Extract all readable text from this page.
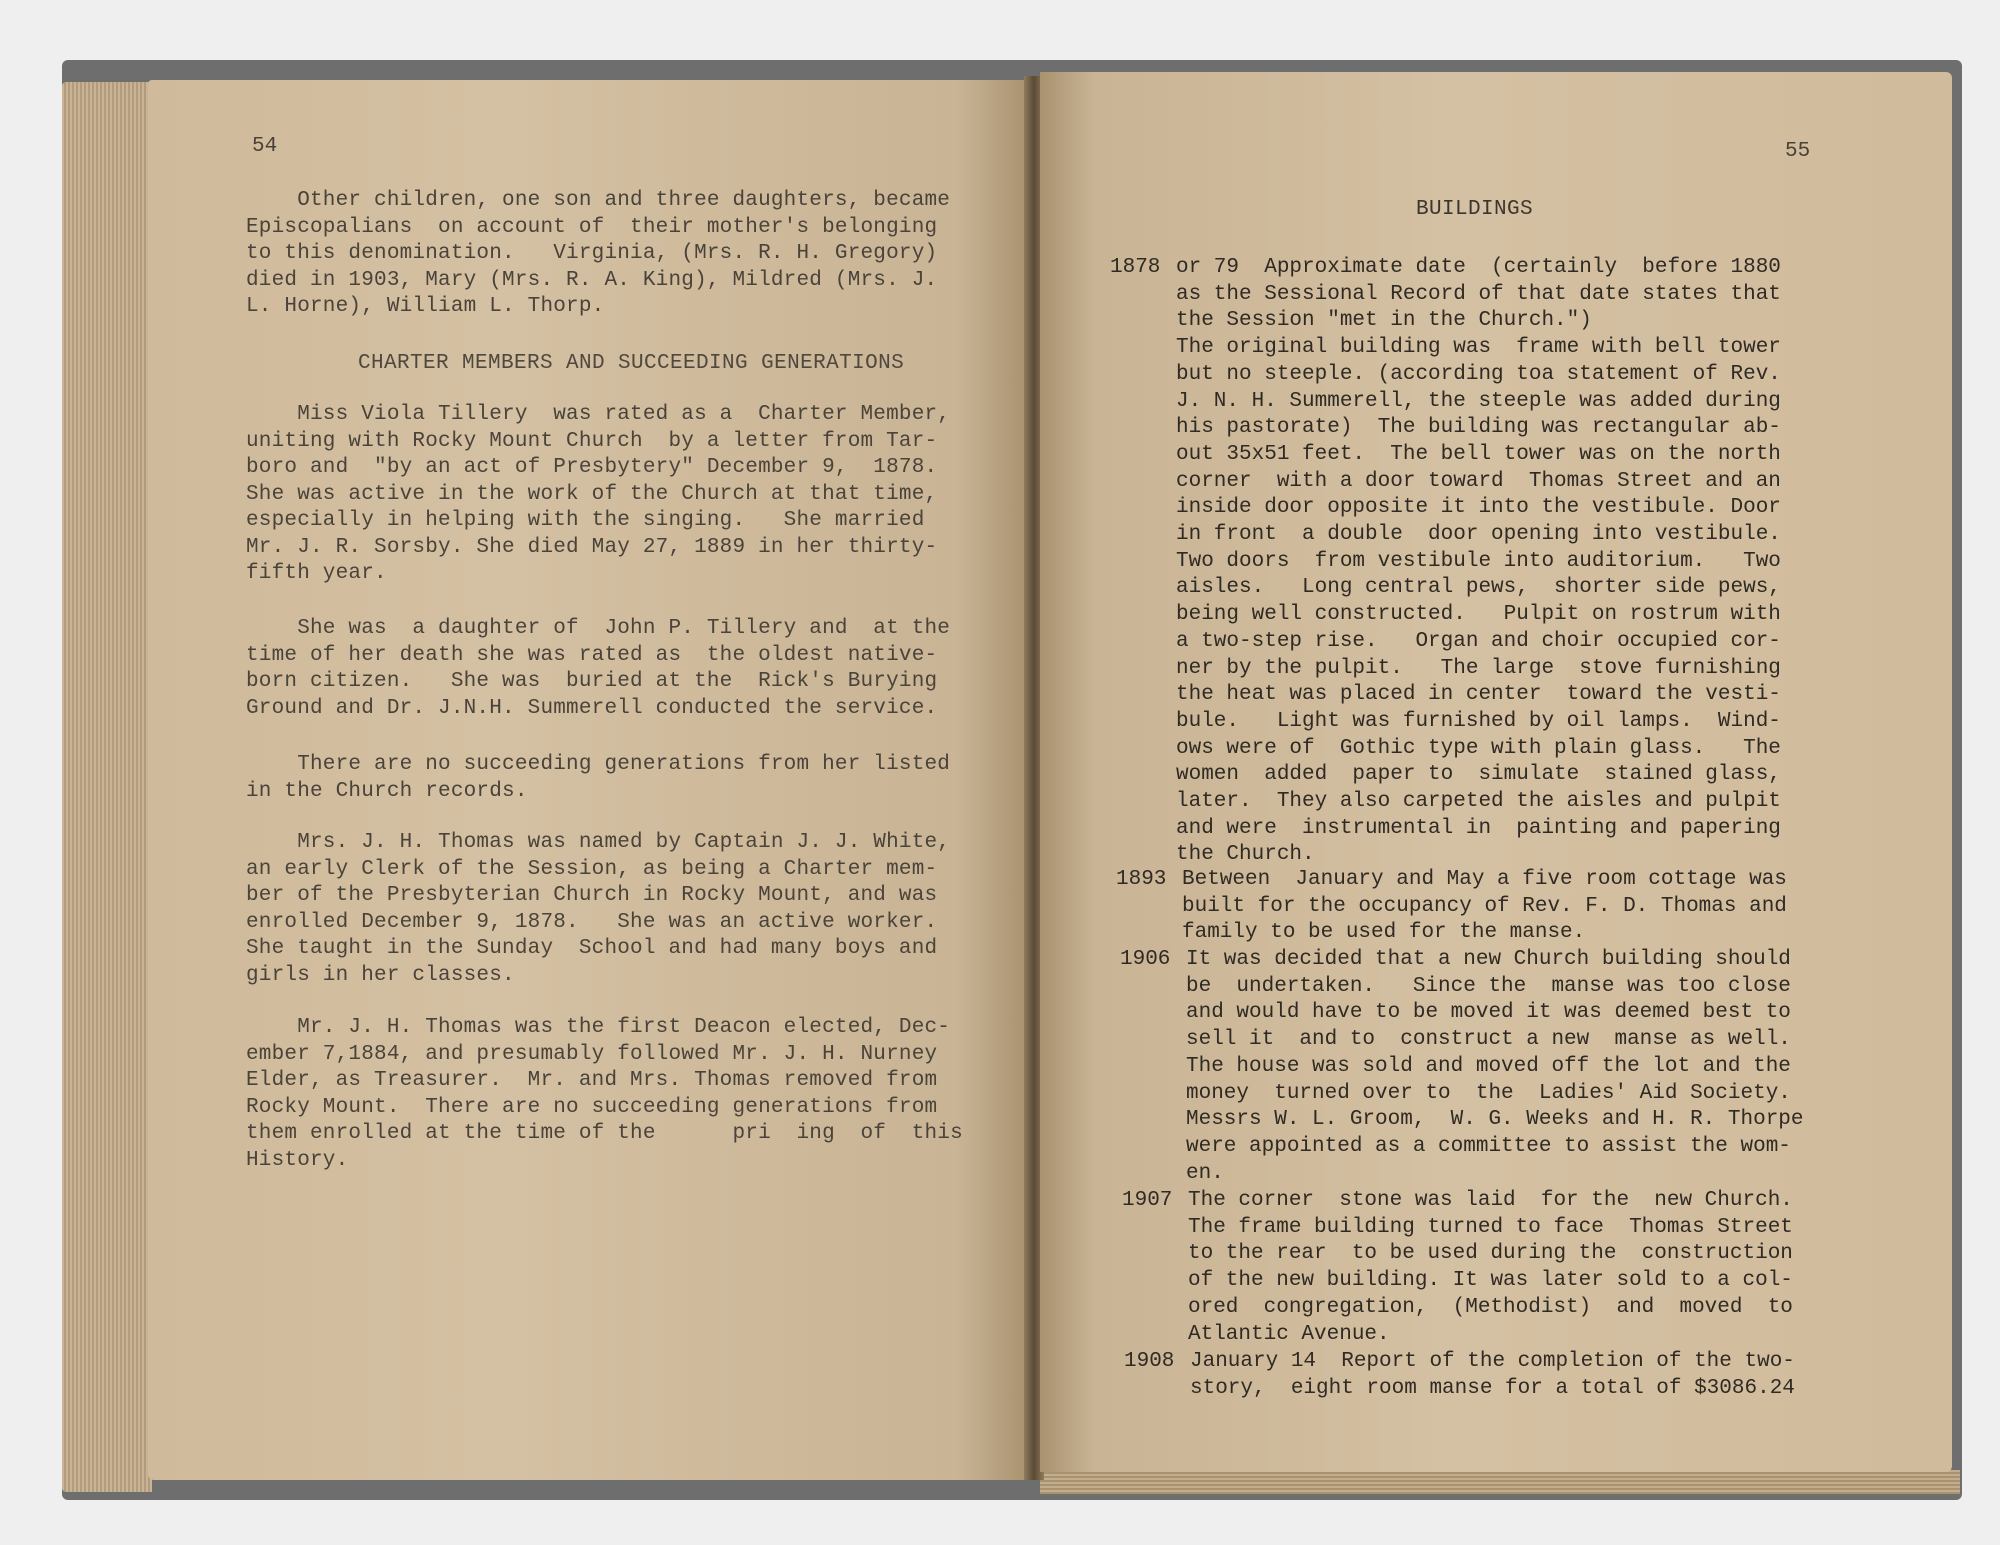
54
Other children, one son and three daughters, became
Episcopalians  on account of  their mother's belonging
to this denomination.   Virginia, (Mrs. R. H. Gregory)
died in 1903, Mary (Mrs. R. A. King), Mildred (Mrs. J.
L. Horne), William L. Thorp.
CHARTER MEMBERS AND SUCCEEDING GENERATIONS
Miss Viola Tillery  was rated as a  Charter Member,
uniting with Rocky Mount Church  by a letter from Tar-
boro and  "by an act of Presbytery" December 9,  1878.
She was active in the work of the Church at that time,
especially in helping with the singing.   She married
Mr. J. R. Sorsby. She died May 27, 1889 in her thirty-
fifth year.
She was  a daughter of  John P. Tillery and  at the
time of her death she was rated as  the oldest native-
born citizen.   She was  buried at the  Rick's Burying
Ground and Dr. J.N.H. Summerell conducted the service.
There are no succeeding generations from her listed
in the Church records.
Mrs. J. H. Thomas was named by Captain J. J. White,
an early Clerk of the Session, as being a Charter mem-
ber of the Presbyterian Church in Rocky Mount, and was
enrolled December 9, 1878.   She was an active worker.
She taught in the Sunday  School and had many boys and
girls in her classes.
Mr. J. H. Thomas was the first Deacon elected, Dec-
ember 7,1884, and presumably followed Mr. J. H. Nurney
Elder, as Treasurer.  Mr. and Mrs. Thomas removed from
Rocky Mount.  There are no succeeding generations from
them enrolled at the time of the      pri  ing  of  this
History.
55
BUILDINGS
1878 or 79  Approximate date  (certainly  before 1880
as the Sessional Record of that date states that
the Session "met in the Church.")
The original building was  frame with bell tower
but no steeple. (according toa statement of Rev.
J. N. H. Summerell, the steeple was added during
his pastorate)  The building was rectangular ab-
out 35x51 feet.  The bell tower was on the north
corner  with a door toward  Thomas Street and an
inside door opposite it into the vestibule. Door
in front  a double  door opening into vestibule.
Two doors  from vestibule into auditorium.   Two
aisles.   Long central pews,  shorter side pews,
being well constructed.   Pulpit on rostrum with
a two-step rise.   Organ and choir occupied cor-
ner by the pulpit.   The large  stove furnishing
the heat was placed in center  toward the vesti-
bule.   Light was furnished by oil lamps.  Wind-
ows were of  Gothic type with plain glass.   The
women  added  paper to  simulate  stained glass,
later.  They also carpeted the aisles and pulpit
and were  instrumental in  painting and papering
the Church.
1893 Between  January and May a five room cottage was
built for the occupancy of Rev. F. D. Thomas and
family to be used for the manse.
1906 It was decided that a new Church building should
be  undertaken.   Since the  manse was too close
and would have to be moved it was deemed best to
sell it  and to  construct a new  manse as well.
The house was sold and moved off the lot and the
money  turned over to  the  Ladies' Aid Society.
Messrs W. L. Groom,  W. G. Weeks and H. R. Thorpe
were appointed as a committee to assist the wom-
en.
1907 The corner  stone was laid  for the  new Church.
The frame building turned to face  Thomas Street
to the rear  to be used during the  construction
of the new building. It was later sold to a col-
ored  congregation,  (Methodist)  and  moved  to
Atlantic Avenue.
1908 January 14  Report of the completion of the two-
story,  eight room manse for a total of $3086.24
